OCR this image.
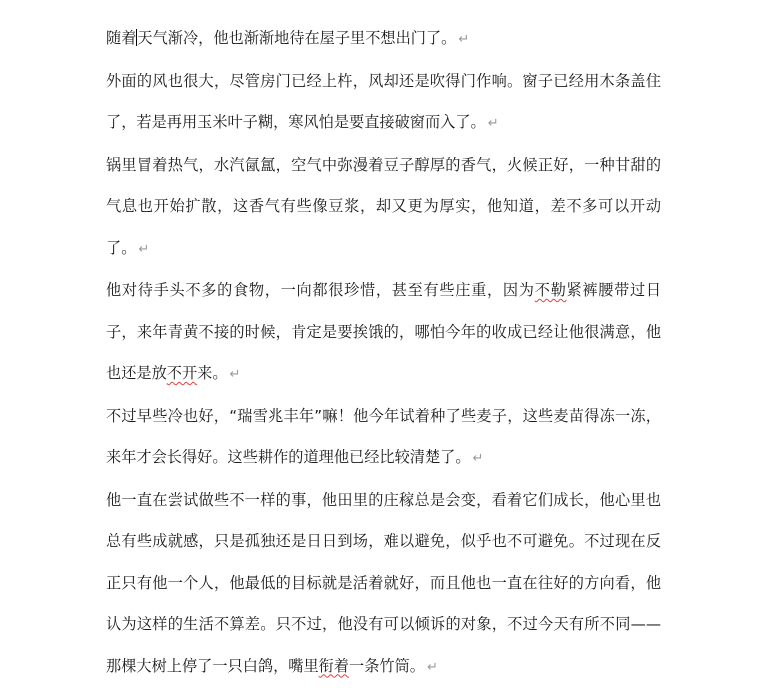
随着天气渐冷，他也渐渐地待在屋子里不想出门了。 ↵

外面的风也很大，尽管房门已经上杵，风却还是吹得门作响。窗子已经用木条盖住了，若是再用玉米叶子糊，寒风怕是要直接破窗而入了。 ↵

锅里冒着热气，水汽氤氲，空气中弥漫着豆子醇厚的香气，火候正好，一种甘甜的气息也开始扩散，这香气有些像豆浆，却又更为厚实，他知道，差不多可以开动了。 ↵

他对待手头不多的食物，一向都很珍惜，甚至有些庄重，因为不勒紧裤腰带过日子，来年青黄不接的时候，肯定是要挨饿的，哪怕今年的收成已经让他很满意，他也还是放不开来。 ↵

不过早些冷也好，“瑞雪兆丰年”嘛！他今年试着种了些麦子，这些麦苗得冻一冻，来年才会长得好。这些耕作的道理他已经比较清楚了。 ↵

他一直在尝试做些不一样的事，他田里的庄稼总是会变，看着它们成长，他心里也总有些成就感，只是孤独还是日日到场，难以避免，似乎也不可避免。不过现在反正只有他一个人，他最低的目标就是活着就好，而且他也一直在往好的方向看，他认为这样的生活不算差。只不过，他没有可以倾诉的对象，不过今天有所不同——那棵大树上停了一只白鸽，嘴里衔着一条竹筒。 ↵
